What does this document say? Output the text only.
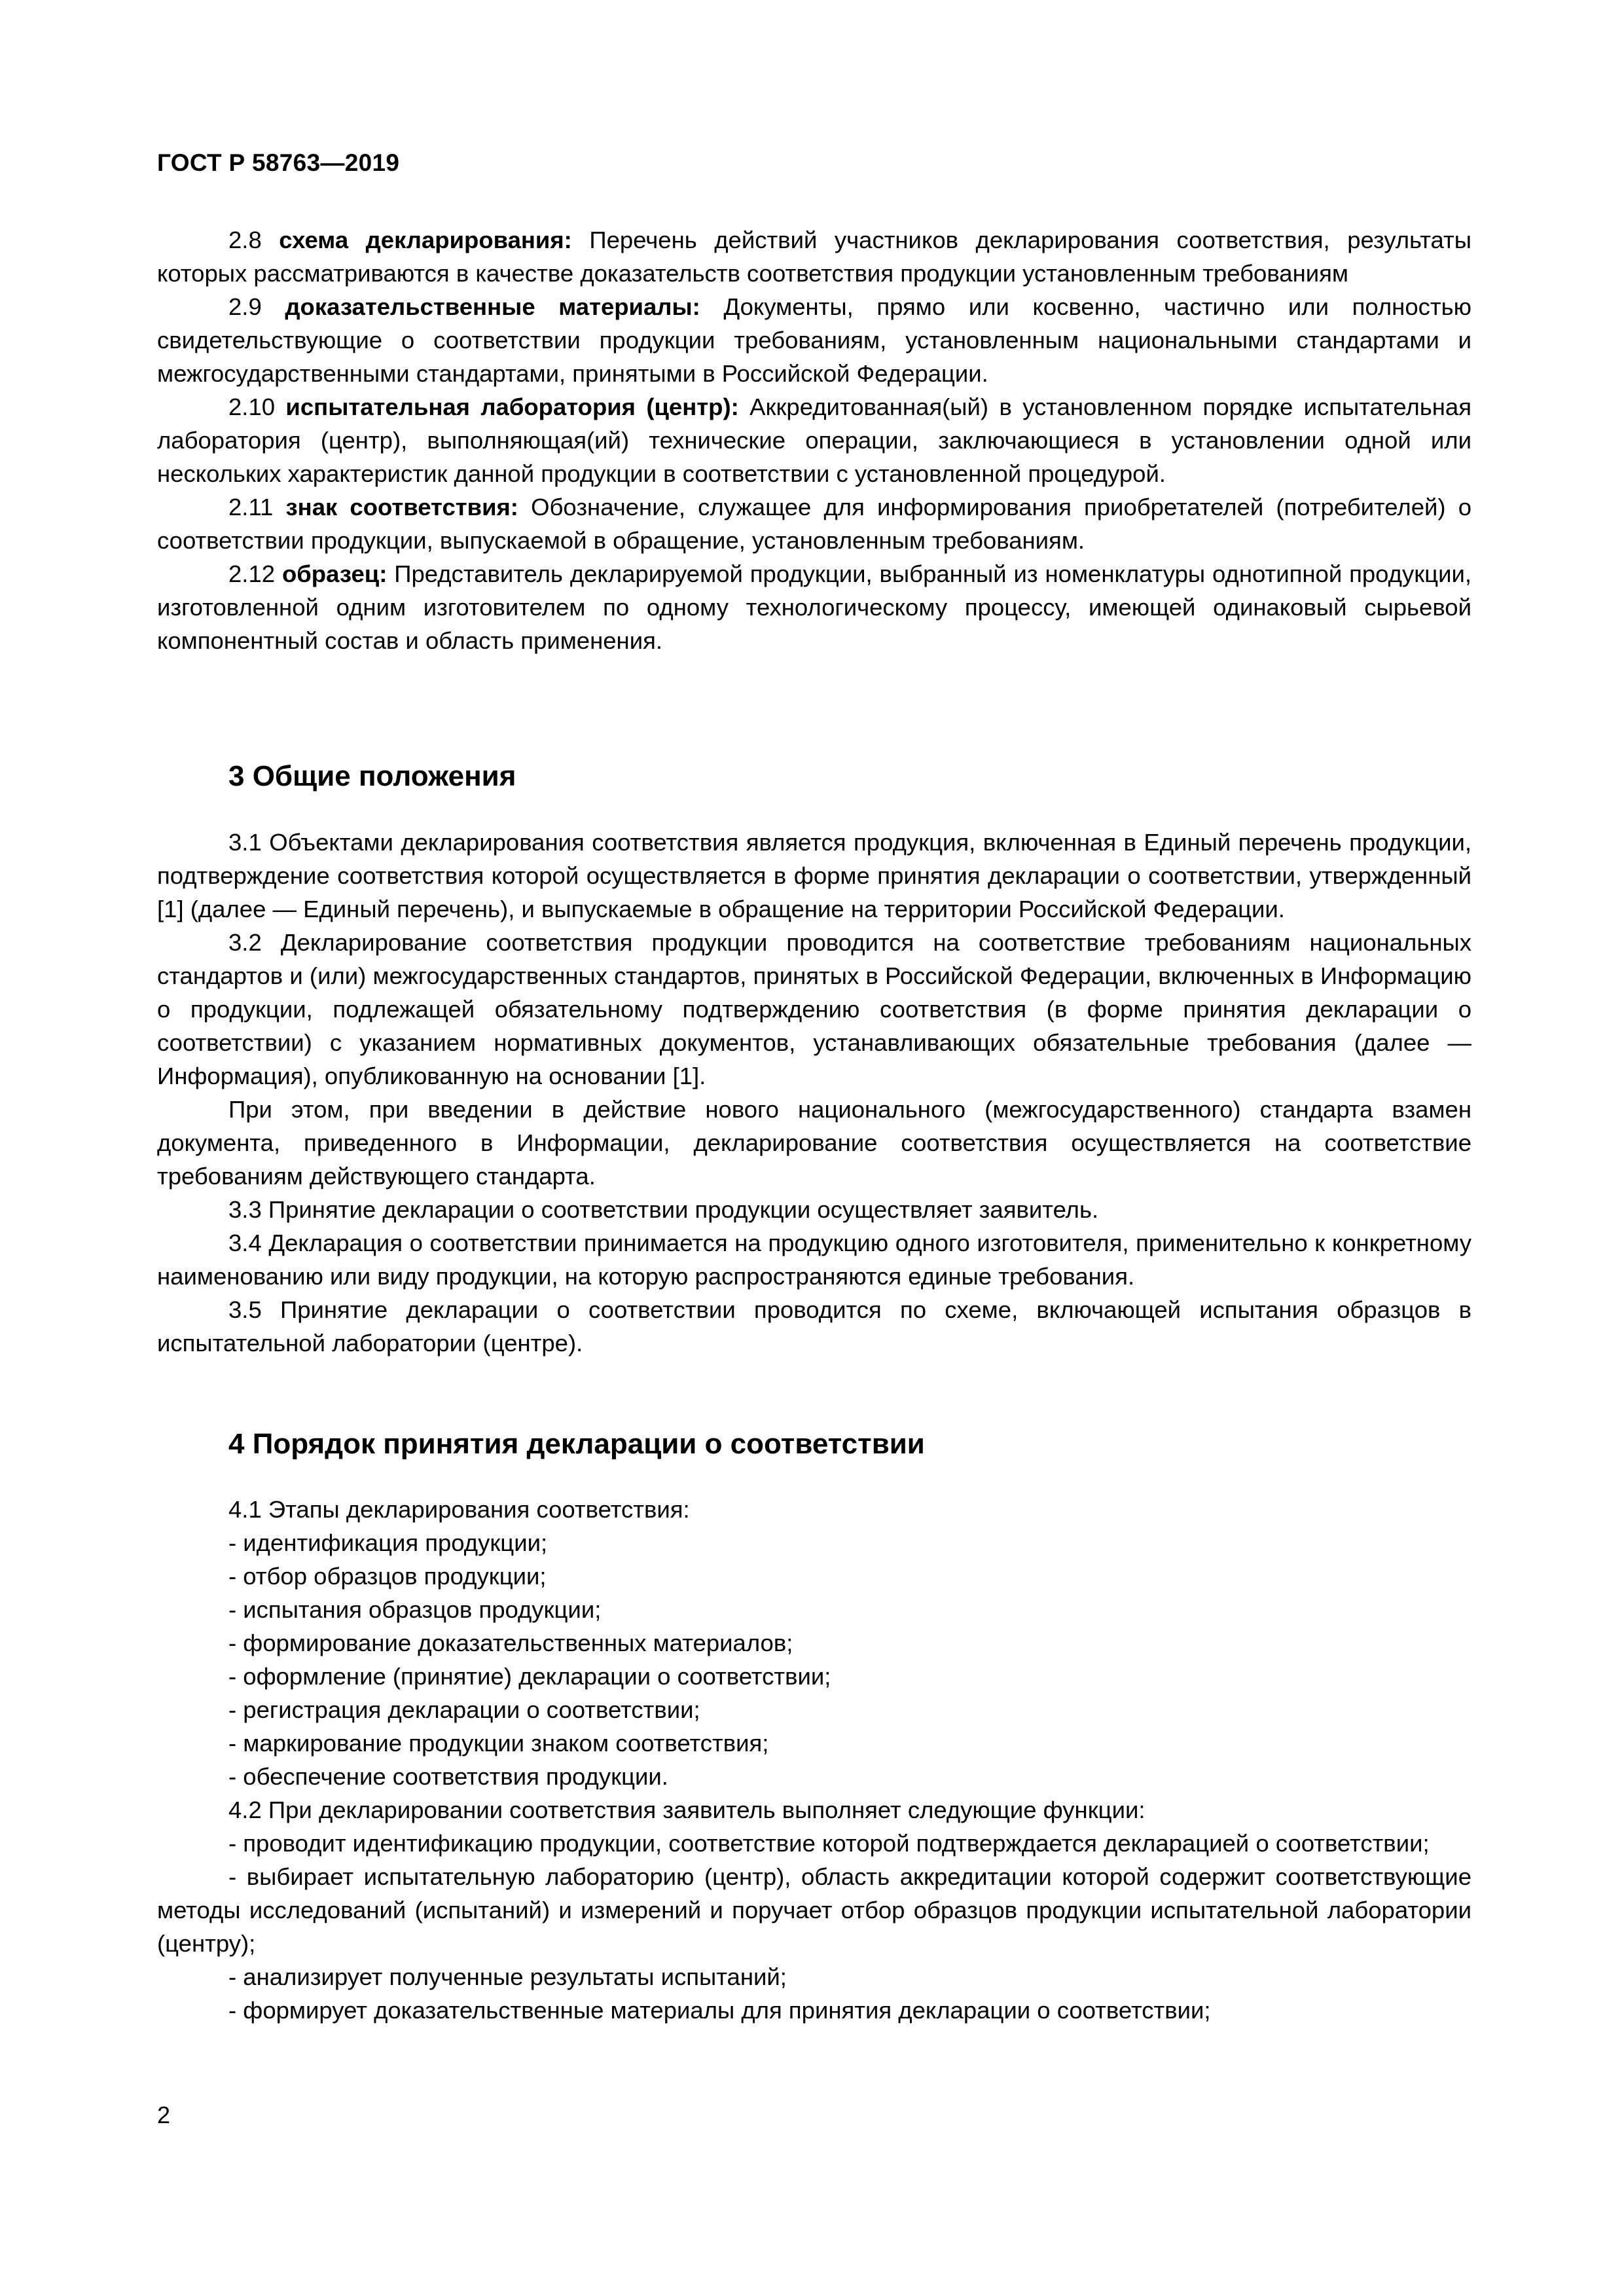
ГОСТ Р 58763—2019

2.8 схема декларирования: Перечень действий участников декларирования соответствия, результаты которых рассматриваются в качестве доказательств соответствия продукции установленным требованиям

2.9 доказательственные материалы: Документы, прямо или косвенно, частично или полностью свидетельствующие о соответствии продукции требованиям, установленным национальными стандартами и межгосударственными стандартами, принятыми в Российской Федерации.

2.10 испытательная лаборатория (центр): Аккредитованная(ый) в установленном порядке испытательная лаборатория (центр), выполняющая(ий) технические операции, заключающиеся в установлении одной или нескольких характеристик данной продукции в соответствии с установленной процедурой.

2.11 знак соответствия: Обозначение, служащее для информирования приобретателей (потребителей) о соответствии продукции, выпускаемой в обращение, установленным требованиям.

2.12 образец: Представитель декларируемой продукции, выбранный из номенклатуры однотипной продукции, изготовленной одним изготовителем по одному технологическому процессу, имеющей одинаковый сырьевой компонентный состав и область применения.

3 Общие положения

3.1 Объектами декларирования соответствия является продукция, включенная в Единый перечень продукции, подтверждение соответствия которой осуществляется в форме принятия декларации о соответствии, утвержденный [1] (далее — Единый перечень), и выпускаемые в обращение на территории Российской Федерации.

3.2 Декларирование соответствия продукции проводится на соответствие требованиям национальных стандартов и (или) межгосударственных стандартов, принятых в Российской Федерации, включенных в Информацию о продукции, подлежащей обязательному подтверждению соответствия (в форме принятия декларации о соответствии) с указанием нормативных документов, устанавливающих обязательные требования (далее — Информация), опубликованную на основании [1].

При этом, при введении в действие нового национального (межгосударственного) стандарта взамен документа, приведенного в Информации, декларирование соответствия осуществляется на соответствие требованиям действующего стандарта.

3.3 Принятие декларации о соответствии продукции осуществляет заявитель.

3.4 Декларация о соответствии принимается на продукцию одного изготовителя, применительно к конкретному наименованию или виду продукции, на которую распространяются единые требования.

3.5 Принятие декларации о соответствии проводится по схеме, включающей испытания образцов в испытательной лаборатории (центре).

4 Порядок принятия декларации о соответствии

4.1 Этапы декларирования соответствия:

- идентификация продукции;

- отбор образцов продукции;

- испытания образцов продукции;

- формирование доказательственных материалов;

- оформление (принятие) декларации о соответствии;

- регистрация декларации о соответствии;

- маркирование продукции знаком соответствия;

- обеспечение соответствия продукции.

4.2 При декларировании соответствия заявитель выполняет следующие функции:

- проводит идентификацию продукции, соответствие которой подтверждается декларацией о соответствии;

- выбирает испытательную лабораторию (центр), область аккредитации которой содержит соответствующие методы исследований (испытаний) и измерений и поручает отбор образцов продукции испытательной лаборатории (центру);

- анализирует полученные результаты испытаний;

- формирует доказательственные материалы для принятия декларации о соответствии;

2
